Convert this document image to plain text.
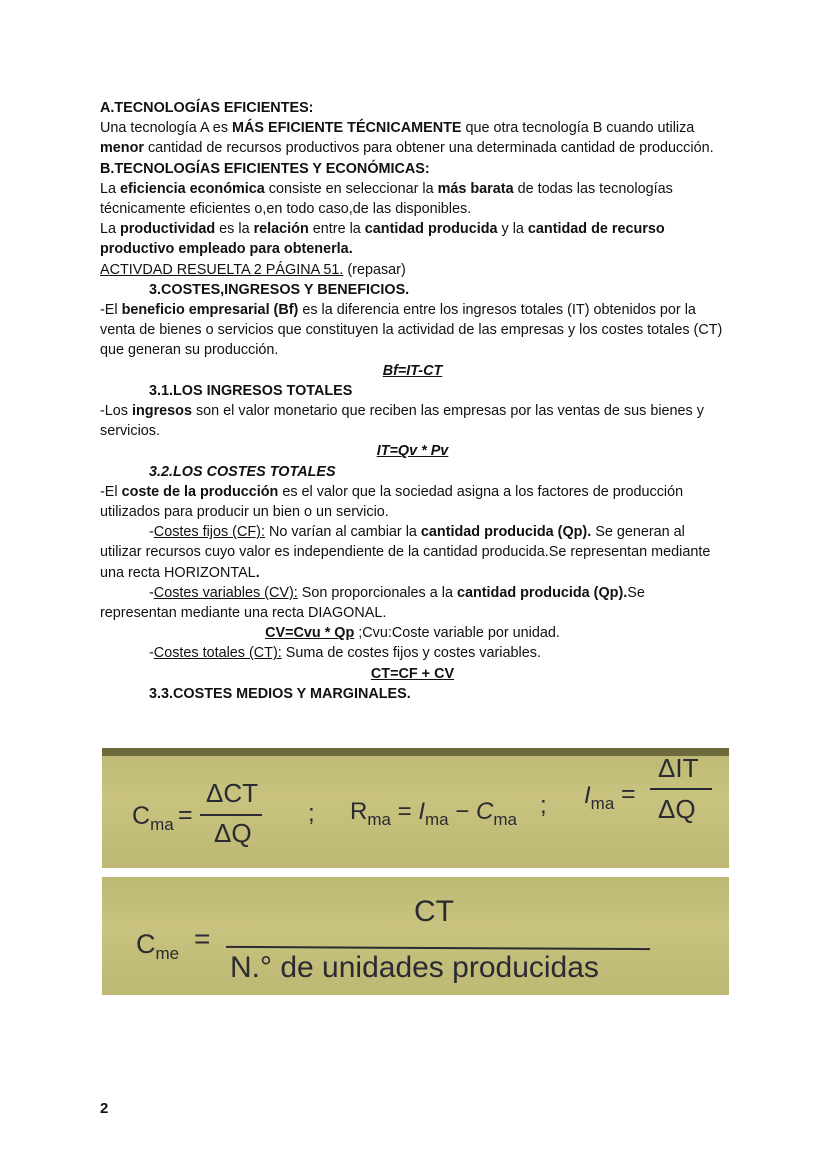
A.TECNOLOGÍAS EFICIENTES:

Una tecnología A es MÁS EFICIENTE TÉCNICAMENTE que otra tecnología B cuando utiliza menor cantidad de recursos productivos para obtener una determinada cantidad de producción.

B.TECNOLOGÍAS EFICIENTES Y ECONÓMICAS:

La eficiencia económica consiste en seleccionar la más barata de todas las tecnologías técnicamente eficientes o,en todo caso,de las disponibles.

La productividad es la relación entre la cantidad producida y la cantidad de recurso productivo empleado para obtenerla.

ACTIVDAD RESUELTA 2 PÁGINA 51. (repasar)

3.COSTES,INGRESOS Y BENEFICIOS.

-El beneficio empresarial (Bf) es la diferencia entre los ingresos totales (IT) obtenidos por la venta de bienes o servicios que constituyen la actividad de las empresas y los costes totales (CT) que generan su producción.

Bf=IT-CT

3.1.LOS INGRESOS TOTALES

-Los ingresos son el valor monetario que reciben las empresas por las ventas de sus bienes y servicios.

IT=Qv * Pv

3.2.LOS COSTES TOTALES

-El coste de la producción es el valor que la sociedad asigna a los factores de producción utilizados para producir un bien o un servicio.

-Costes fijos (CF): No varían al cambiar la cantidad producida (Qp). Se generan al utilizar recursos cuyo valor es independiente de la cantidad producida.Se representan mediante una recta HORIZONTAL.

-Costes variables (CV): Son proporcionales a la cantidad producida (Qp).Se representan mediante una recta DIAGONAL.

CV=Cvu * Qp ;Cvu:Coste variable por unidad.

-Costes totales (CT): Suma de costes fijos y costes variables.

CT=CF + CV

3.3.COSTES MEDIOS Y MARGINALES.

$C_{ma}$ =
ΔCT
ΔQ
; $R_{ma} = I_{ma} - C_{ma}$
; $I_{ma}$ =
ΔIT
ΔQ
$C_{me}$ =
CT
N.° de unidades producidas
2
